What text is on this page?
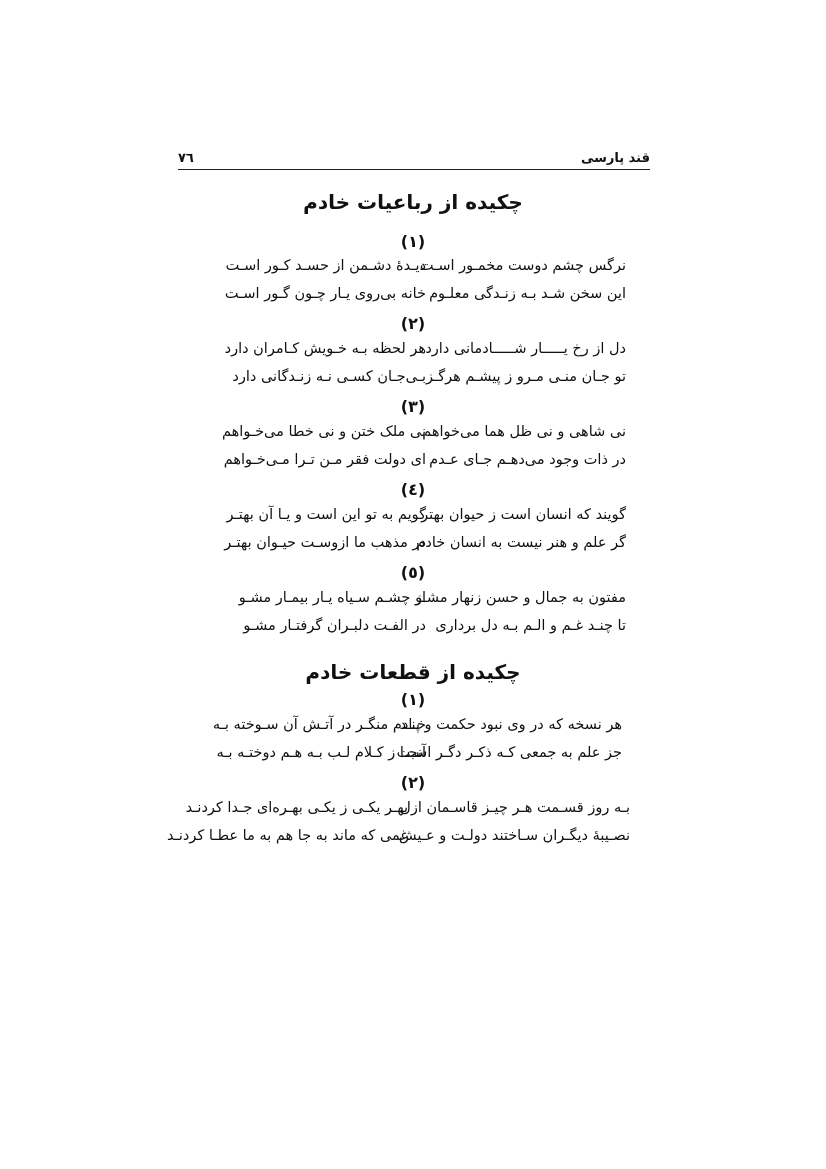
قند پارسی
٧٦
چکیده از رباعیات خادم
(١)
نرگس چشم دوست مخمـور اسـت
دیـدهٔ دشـمن از حسـد کـور اسـت
این سخن شـد بـه زنـدگی معلـوم
خانه بی‌روی یـار چـون گـور اسـت
(٢)
دل از رخ یـــــار شـــــادمانی دارد
هر لحظه بـه خـویش کـامران دارد
تو جـان منـی مـرو ز پیشـم هرگـز
بـی‌جـان کسـی نـه زنـدگانی دارد
(٣)
نی شاهی و نی ظل هما می‌خواهم
نی ملک ختن و نی خطا می‌خـواهم
در ذات وجود می‌دهـم جـای عـدم
ای دولت فقر مـن تـرا مـی‌خـواهم
(٤)
گویند که انسان است ز حیوان بهتر
گویم به تو این است و یـا آن بهتـر
گر علم و هنر نیست به انسان خادم
در مذهب ما ازوسـت حیـوان بهتـر
(٥)
مفتون به جمال و حسن زنهار مشـو
از چشـم سـیاه یـار بیمـار مشـو
تا چنـد غـم و الـم بـه دل برداری
در الفـت دلبـران گرفتـار مشـو
چکیده از قطعات خادم
(١)
هر نسخه که در وی نبود حکمت و پنـد
خـادم منگـر در آتـش آن سـوخته بـه
جز علم به جمعی کـه ذکـر دگـر اسـت
آنجـا ز کـلام لـب بـه هـم دوختـه بـه
(٢)
بـه روز قسـمت هـر چیـز قاسـمان ازل
بهـر یکـی ز یکـی بهـره‌ای جـدا کردنـد
نصـیبهٔ دیگـران سـاختند دولـت و عـیش
غمی که ماند به جا هم به ما عطـا کردنـد
